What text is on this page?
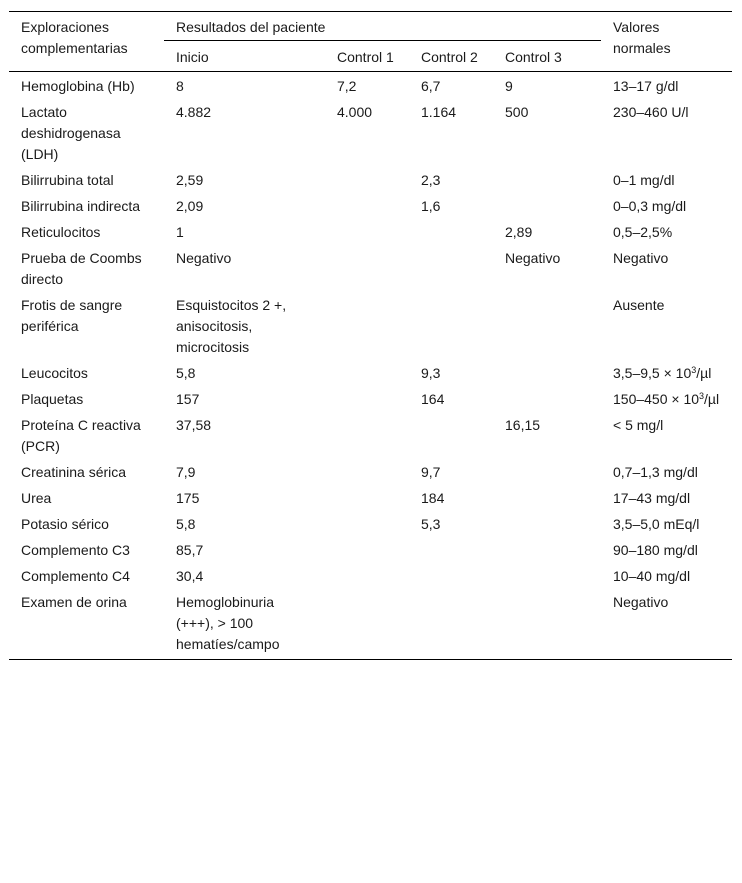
Exploraciones complementarias	Resultados del paciente				Valores normales
	Inicio	Control 1	Control 2	Control 3	
Hemoglobina (Hb)	8	7,2	6,7	9	13–17 g/dl
Lactato deshidrogenasa (LDH)	4.882	4.000	1.164	500	230–460 U/l
Bilirrubina total	2,59		2,3		0–1 mg/dl
Bilirrubina indirecta	2,09		1,6		0–0,3 mg/dl
Reticulocitos	1			2,89	0,5–2,5%
Prueba de Coombs directo	Negativo			Negativo	Negativo
Frotis de sangre periférica	Esquistocitos 2 +, anisocitosis, microcitosis				Ausente
Leucocitos	5,8		9,3		$3,5-9,5 \times 10^3/\mu l$
Plaquetas	157		164		$150-450 \times 10^3/\mu l$
Proteína C reactiva (PCR)	37,58			16,15	< 5 mg/l
Creatinina sérica	7,9		9,7		0,7–1,3 mg/dl
Urea	175		184		17–43 mg/dl
Potasio sérico	5,8		5,3		3,5–5,0 mEq/l
Complemento C3	85,7				90–180 mg/dl
Complemento C4	30,4				10–40 mg/dl
Examen de orina	Hemoglobinuria (+++), > 100 hematíes/campo				Negativo
